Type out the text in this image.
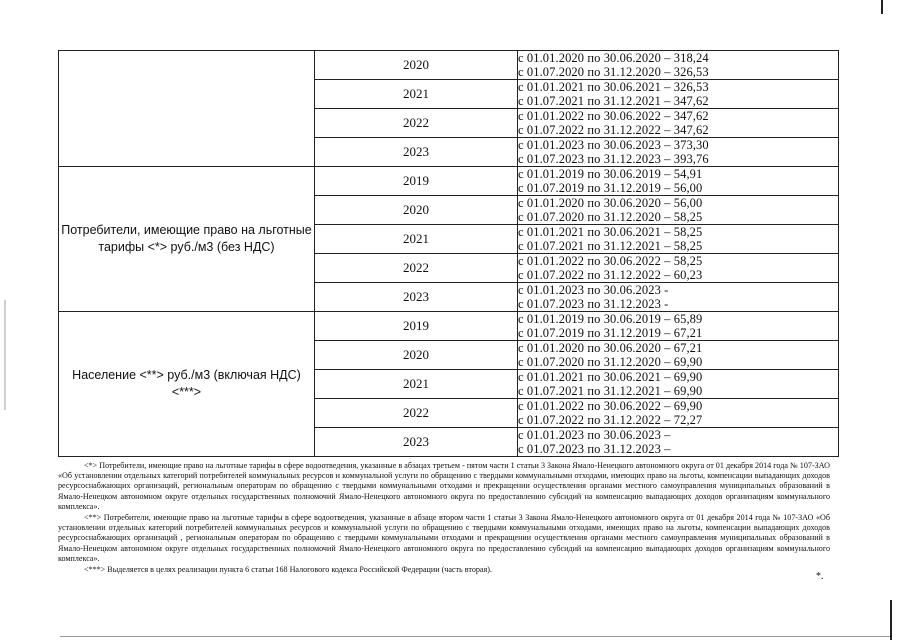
	2020	с 01.01.2020 по 30.06.2020 – 318,24
с 01.07.2020 по 31.12.2020 – 326,53

	2021	с 01.01.2021 по 30.06.2021 – 326,53
с 01.07.2021 по 31.12.2021 – 347,62

	2022	с 01.01.2022 по 30.06.2022 – 347,62
с 01.07.2022 по 31.12.2022 – 347,62

	2023	с 01.01.2023 по 30.06.2023 – 373,30
с 01.07.2023 по 31.12.2023 – 393,76

Потребители, имеющие право на льготные тарифы <*> руб./м3 (без НДС)	2019	с 01.01.2019 по 30.06.2019 – 54,91
с 01.07.2019 по 31.12.2019 – 56,00

	2020	с 01.01.2020 по 30.06.2020 – 56,00
с 01.07.2020 по 31.12.2020 – 58,25

	2021	с 01.01.2021 по 30.06.2021 – 58,25
с 01.07.2021 по 31.12.2021 – 58,25

	2022	с 01.01.2022 по 30.06.2022 – 58,25
с 01.07.2022 по 31.12.2022 – 60,23

	2023	с 01.01.2023 по 30.06.2023 -
с 01.07.2023 по 31.12.2023 -

Население <**> руб./м3 (включая НДС) <***>	2019	с 01.01.2019 по 30.06.2019 – 65,89
с 01.07.2019 по 31.12.2019 – 67,21

	2020	с 01.01.2020 по 30.06.2020 – 67,21
с 01.07.2020 по 31.12.2020 – 69,90

	2021	с 01.01.2021 по 30.06.2021 – 69,90
с 01.07.2021 по 31.12.2021 – 69,90

	2022	с 01.01.2022 по 30.06.2022 – 69,90
с 01.07.2022 по 31.12.2022 – 72,27

	2023	с 01.01.2023 по 30.06.2023 –
с 01.07.2023 по 31.12.2023 –

<*> Потребители, имеющие право на льготные тарифы в сфере водоотведения, указанные в абзацах третьем - пятом части 1 статьи 3 Закона Ямало-Ненецкого автономного округа от 01 декабря 2014 года № 107-ЗАО «Об установлении отдельных категорий потребителей коммунальных ресурсов и коммунальной услуги по обращению с твердыми коммунальными отходами, имеющих право на льготы, компенсации выпадающих доходов ресурсоснабжающих организаций, региональным операторам по обращению с твердыми коммунальными отходами и прекращении осуществления органами местного самоуправления муниципальных образований в Ямало-Ненецком автономном округе отдельных государственных полномочий Ямало-Ненецкого автономного округа по предоставлению субсидий на компенсацию выпадающих доходов организациям коммунального комплекса».

<**> Потребители, имеющие право на льготные тарифы в сфере водоотведения, указанные в абзаце втором части 1 статьи 3 Закона Ямало-Ненецкого автономного округа от 01 декабря 2014 года № 107-ЗАО «Об установлении отдельных категорий потребителей коммунальных ресурсов и коммунальной услуги по обращению с твердыми коммунальными отходами, имеющих право на льготы, компенсации выпадающих доходов ресурсоснабжающих организаций , региональным операторам по обращению с твердыми коммунальными отходами и прекращении осуществления органами местного самоуправления муниципальных образований в Ямало-Ненецком автономном округе отдельных государственных полномочий Ямало-Ненецкого автономного округа по предоставлению субсидий на компенсацию выпадающих доходов организациям коммунального комплекса».

<***> Выделяется в целях реализации пункта 6 статьи 168 Налогового кодекса Российской Федерации (часть вторая).

*.
